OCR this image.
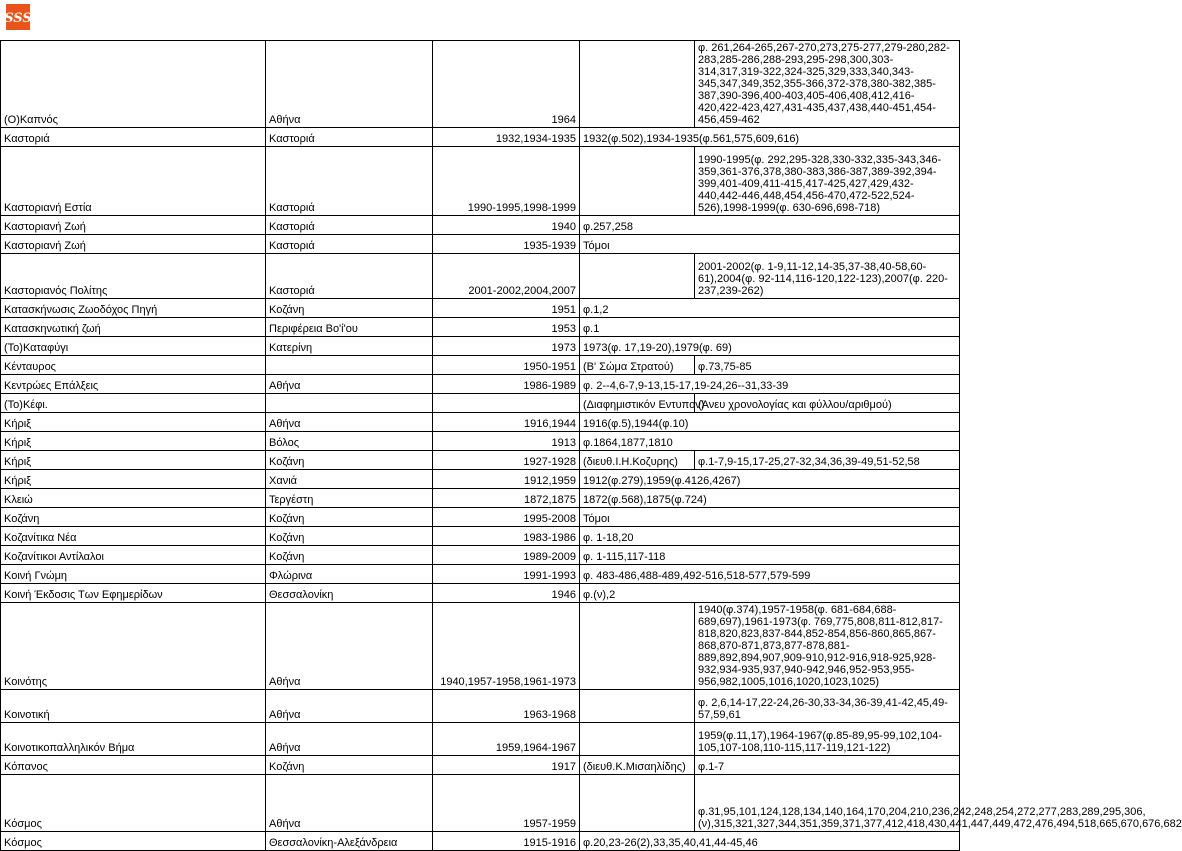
SSS
(Ο)Καπνός	Αθήνα	1964		φ. 261,264-265,267-270,273,275-277,279-280,282-283,285-286,288-293,295-298,300,303-314,317,319-322,324-325,329,333,340,343-345,347,349,352,355-366,372-378,380-382,385-387,390-396,400-403,405-406,408,412,416-420,422-423,427,431-435,437,438,440-451,454-456,459-462
Καστοριά	Καστοριά	1932,1934-1935	1932(φ.502),1934-1935(φ.561,575,609,616)	
Καστοριανή Εστία	Καστοριά	1990-1995,1998-1999		1990-1995(φ. 292,295-328,330-332,335-343,346-359,361-376,378,380-383,386-387,389-392,394-399,401-409,411-415,417-425,427,429,432-440,442-446,448,454,456-470,472-522,524-526),1998-1999(φ. 630-696,698-718)
Καστοριανή Ζωή	Καστοριά	1940	φ.257,258	
Καστοριανή Ζωή	Καστοριά	1935-1939	Τόμοι	
Καστοριανός Πολίτης	Καστοριά	2001-2002,2004,2007		2001-2002(φ. 1-9,11-12,14-35,37-38,40-58,60-61),2004(φ. 92-114,116-120,122-123),2007(φ. 220-237,239-262)
Κατασκήνωσις Ζωοδόχος Πηγή	Κοζάνη	1951	φ.1,2	
Κατασκηνωτική ζωή	Περιφέρεια Βο'ί'ου	1953	φ.1	
(Το)Καταφύγι	Κατερίνη	1973	1973(φ. 17,19-20),1979(φ. 69)	
Κένταυρος		1950-1951	(Β' Σώμα Στρατού)	φ.73,75-85
Κεντρώες Επάλξεις	Αθήνα	1986-1989	φ. 2--4,6-7,9-13,15-17,19-24,26--31,33-39	
(Το)Κέφι.			(Διαφημιστικόν Εντυπον)	(Άνευ χρονολογίας και φύλλου/αριθμού)
Κήριξ	Αθήνα	1916,1944	1916(φ.5),1944(φ.10)	
Κήριξ	Βόλος	1913	φ.1864,1877,1810	
Κήριξ	Κοζάνη	1927-1928	(διευθ.Ι.Η.Κοζυρης)	φ.1-7,9-15,17-25,27-32,34,36,39-49,51-52,58
Κήριξ	Χανιά	1912,1959	1912(φ.279),1959(φ.4126,4267)	
Κλειώ	Τεργέστη	1872,1875	1872(φ.568),1875(φ.724)	
Κοζάνη	Κοζάνη	1995-2008	Τόμοι	
Κοζανίτικα Νέα	Κοζάνη	1983-1986	φ. 1-18,20	
Κοζανίτικοι Αντίλαλοι	Κοζάνη	1989-2009	φ. 1-115,117-118	
Κοινή Γνώμη	Φλώρινα	1991-1993	φ. 483-486,488-489,492-516,518-577,579-599	
Κοινή Έκδοσις Των Εφημερίδων	Θεσσαλονίκη	1946	φ.(ν),2	
Κοινότης	Αθήνα	1940,1957-1958,1961-1973		1940(φ.374),1957-1958(φ. 681-684,688-689,697),1961-1973(φ. 769,775,808,811-812,817-818,820,823,837-844,852-854,856-860,865,867-868,870-871,873,877-878,881-889,892,894,907,909-910,912-916,918-925,928-932,934-935,937,940-942,946,952-953,955-956,982,1005,1016,1020,1023,1025)
Κοινοτική	Αθήνα	1963-1968		φ. 2,6,14-17,22-24,26-30,33-34,36-39,41-42,45,49-57,59,61
Κοινοτικοπαλληλικόν Βήμα	Αθήνα	1959,1964-1967		1959(φ.11,17),1964-1967(φ.85-89,95-99,102,104-105,107-108,110-115,117-119,121-122)
Κόπανος	Κοζάνη	1917	(διευθ.Κ.Μισαηλίδης)	φ.1-7
Κόσμος	Αθήνα	1957-1959		φ.31,95,101,124,128,134,140,164,170,204,210,236,242,248,254,272,277,283,289,295,306,(ν),315,321,327,344,351,359,371,377,412,418,430,441,447,449,472,476,494,518,665,670,676,682
Κόσμος	Θεσσαλονίκη-Αλεξάνδρεια	1915-1916	φ.20,23-26(2),33,35,40,41,44-45,46	
